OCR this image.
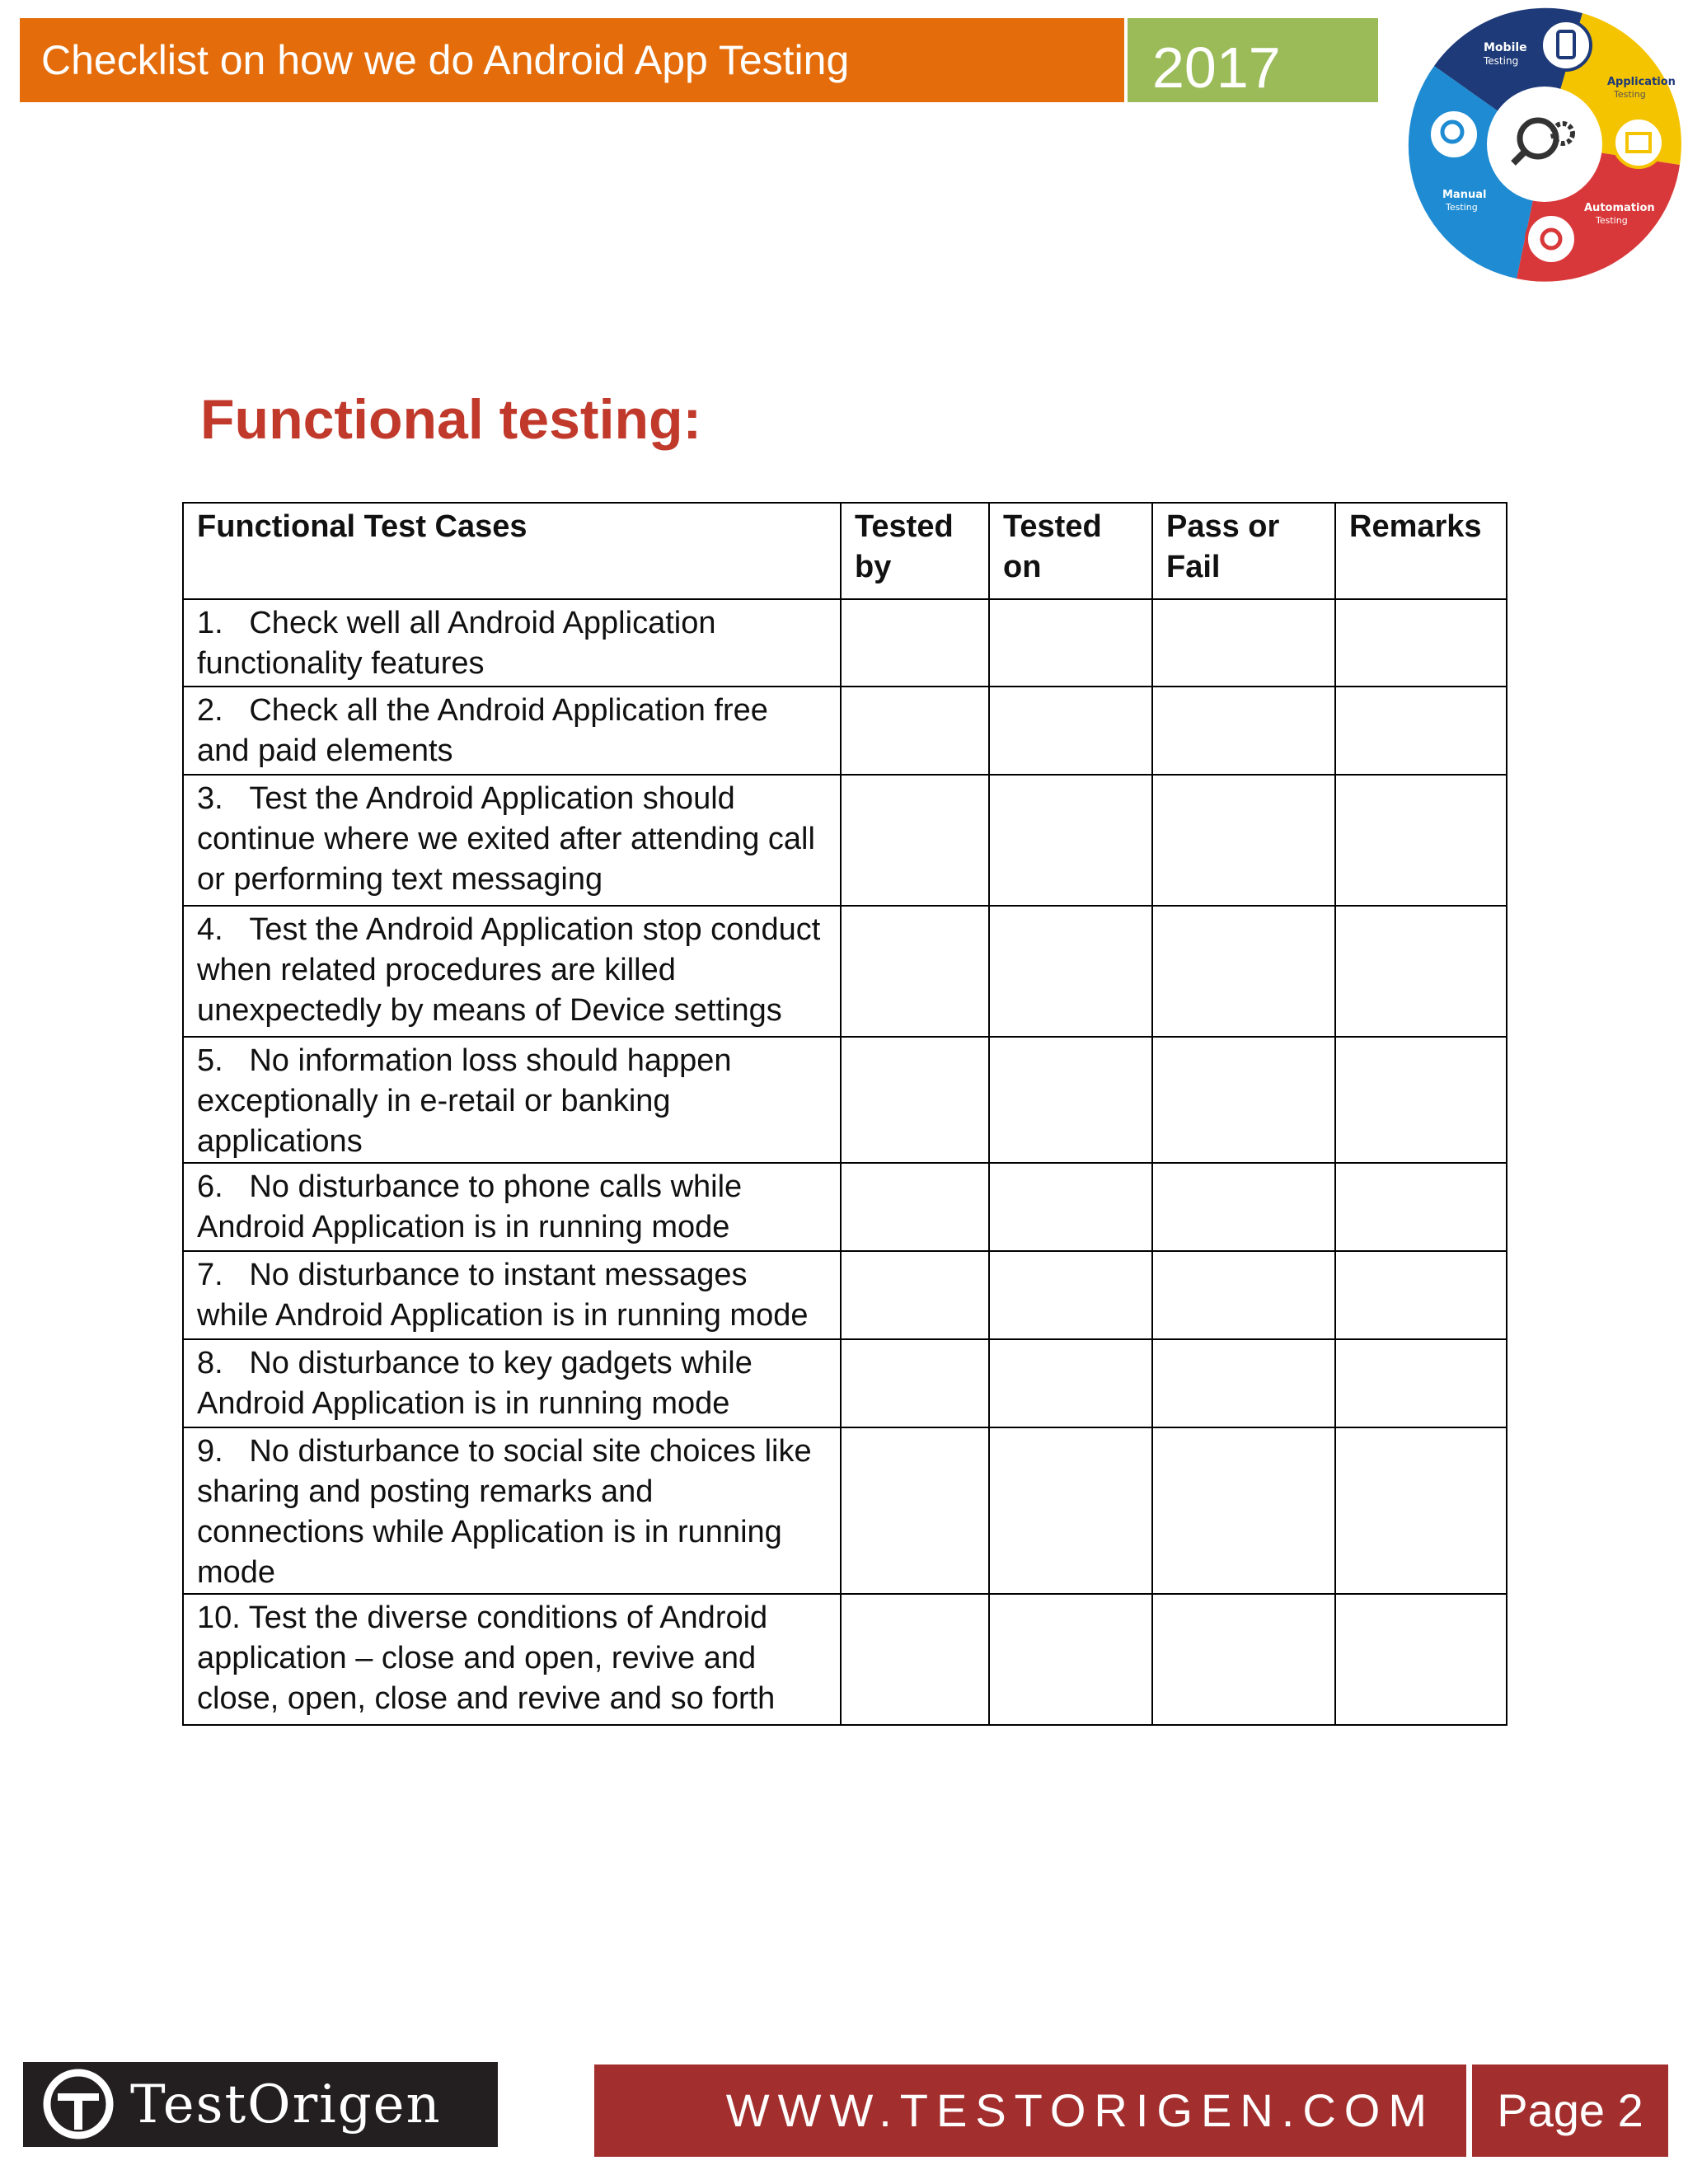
Checklist on how we do Android App Testing	2017	Mobile
Testing
Application
Testing
Automation
Testing
Manual
Testing
Functional testing:
Functional Test Cases	Tested by	Tested on	Pass or Fail	Remarks
1.   Check well all Android Application functionality features				
2.   Check all the Android Application free and paid elements				
3.   Test the Android Application should continue where we exited after attending call or performing text messaging				
4.   Test the Android Application stop conduct when related procedures are killed unexpectedly by means of Device settings				
5.   No information loss should happen exceptionally in e-retail or banking applications				
6.   No disturbance to phone calls while Android Application is in running mode				
7.   No disturbance to instant messages while Android Application is in running mode				
8.   No disturbance to key gadgets while Android Application is in running mode				
9.   No disturbance to social site choices like sharing and posting remarks and connections while Application is in running mode				
10. Test the diverse conditions of Android application – close and open, revive and close, open, close and revive and so forth				
TestOrigen	WWW.TESTORIGEN.COM	Page 2
